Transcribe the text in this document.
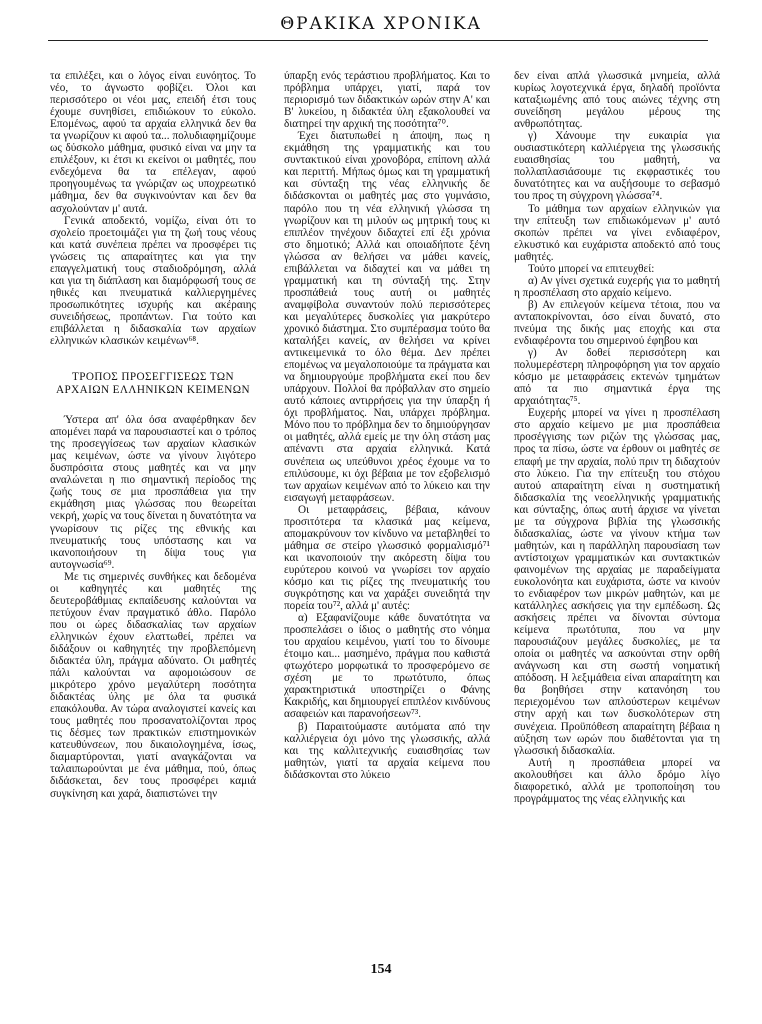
ΘΡΑΚΙΚΑ ΧΡΟΝΙΚΑ

τα επιλέξει, και ο λόγος είναι ευνόητος. Το νέο, το άγνωστο φοβίζει. Όλοι και περισσότερο οι νέοι μας, επειδή έτσι τους έχουμε συνηθίσει, επιδιώκουν το εύκολο. Επομένως, αφού τα αρχαία ελληνικά δεν θα τα γνωρίζουν κι αφού τα... πολυδιαφημίζουμε ως δύσκολο μάθημα, φυσικό είναι να μην τα επιλέξουν, κι έτσι κι εκείνοι οι μαθητές, που ενδεχόμενα θα τα επέλεγαν, αφού προηγουμένως τα γνώριζαν ως υποχρεωτικό μάθημα, δεν θα συγκινούνταν και δεν θα ασχολούνταν μ' αυτά.

Γενικά αποδεκτό, νομίζω, είναι ότι το σχολείο προετοιμάζει για τη ζωή τους νέους και κατά συνέπεια πρέπει να προσφέρει τις γνώσεις τις απαραίτητες και για την επαγγελματική τους σταδιοδρόμηση, αλλά και για τη διάπλαση και διαμόρφωσή τους σε ηθικές και πνευματικά καλλιεργημένες προσωπικότητες ισχυρής και ακέραιης συνειδήσεως, προπάντων. Για τούτο και επιβάλλεται η διδασκαλία των αρχαίων ελληνικών κλασικών κειμένων⁶⁸.

ΤΡΟΠΟΣ ΠΡΟΣΕΓΓΙΣΕΩΣ ΤΩΝ ΑΡΧΑΙΩΝ ΕΛΛΗΝΙΚΩΝ ΚΕΙΜΕΝΩΝ

Ύστερα απ' όλα όσα αναφέρθηκαν δεν απομένει παρά να παρουσιαστεί και ο τρόπος της προσεγγίσεως των αρχαίων κλασικών μας κειμένων, ώστε να γίνουν λιγότερο δυσπρόσιτα στους μαθητές και να μην αναλώνεται η πιο σημαντική περίοδος της ζωής τους σε μια προσπάθεια για την εκμάθηση μιας γλώσσας που θεωρείται νεκρή, χωρίς να τους δίνεται η δυνατότητα να γνωρίσουν τις ρίζες της εθνικής και πνευματικής τους υπόστασης και να ικανοποιήσουν τη δίψα τους για αυτογνωσία⁶⁹.

Με τις σημερινές συνθήκες και δεδομένα οι καθηγητές και μαθητές της δευτεροβάθμιας εκπαίδευσης καλούνται να πετύχουν έναν πραγματικό άθλο. Παρόλο που οι ώρες διδασκαλίας των αρχαίων ελληνικών έχουν ελαττωθεί, πρέπει να διδάξουν οι καθηγητές την προβλεπόμενη διδακτέα ύλη, πράγμα αδύνατο. Οι μαθητές πάλι καλούνται να αφομοιώσουν σε μικρότερο χρόνο μεγαλύτερη ποσότητα διδακτέας ύλης με όλα τα φυσικά επακόλουθα. Αν τώρα αναλογιστεί κανείς και τους μαθητές που προσανατολίζονται προς τις δέσμες των πρακτικών επιστημονικών κατευθύνσεων, που δικαιολογημένα, ίσως, διαμαρτύρονται, γιατί αναγκάζονται να ταλαιπωρούνται με ένα μάθημα, πού, όπως διδάσκεται, δεν τους προσφέρει καμιά συγκίνηση και χαρά, διαπιστώνει την

ύπαρξη ενός τεράστιου προβλήματος. Και το πρόβλημα υπάρχει, γιατί, παρά τον περιορισμό των διδακτικών ωρών στην Α' και Β' λυκείου, η διδακτέα ύλη εξακολουθεί να διατηρεί την αρχική της ποσότητα⁷⁰.

Έχει διατυπωθεί η άποψη, πως η εκμάθηση της γραμματικής και του συντακτικού είναι χρονοβόρα, επίπονη αλλά και περιττή. Μήπως όμως και τη γραμματική και σύνταξη της νέας ελληνικής δε διδάσκονται οι μαθητές μας στο γυμνάσιο, παρόλο που τη νέα ελληνική γλώσσα τη γνωρίζουν και τη μιλούν ως μητρική τους κι επιπλέον τηνέχουν διδαχτεί επί έξι χρόνια στο δημοτικό; Αλλά και οποιαδήποτε ξένη γλώσσα αν θελήσει να μάθει κανείς, επιβάλλεται να διδαχτεί και να μάθει τη γραμματική και τη σύνταξή της. Στην προσπάθειά τους αυτή οι μαθητές αναμφίβολα συναντούν πολύ περισσότερες και μεγαλύτερες δυσκολίες για μακρύτερο χρονικό διάστημα. Στο συμπέρασμα τούτο θα καταλήξει κανείς, αν θελήσει να κρίνει αντικειμενικά το όλο θέμα. Δεν πρέπει επομένως να μεγαλοποιούμε τα πράγματα και να δημιουργούμε προβλήματα εκεί που δεν υπάρχουν. Πολλοί θα πρόβαλλαν στο σημείο αυτό κάποιες αντιρρήσεις για την ύπαρξη ή όχι προβλήματος. Ναι, υπάρχει πρόβλημα. Μόνο που το πρόβλημα δεν το δημιούργησαν οι μαθητές, αλλά εμείς με την όλη στάση μας απέναντι στα αρχαία ελληνικά. Κατά συνέπεια ως υπεύθυνοι χρέος έχουμε να το επιλύσουμε, κι όχι βέβαια με τον εξοβελισμό των αρχαίων κειμένων από το λύκειο και την εισαγωγή μεταφράσεων.

Οι μεταφράσεις, βέβαια, κάνουν προσιτότερα τα κλασικά μας κείμενα, απομακρύνουν τον κίνδυνο να μεταβληθεί το μάθημα σε στείρο γλωσσικό φορμαλισμό⁷¹ και ικανοποιούν την ακόρεστη δίψα του ευρύτερου κοινού να γνωρίσει τον αρχαίο κόσμο και τις ρίζες της πνευματικής του συγκρότησης και να χαράξει συνειδητά την πορεία του⁷², αλλά μ' αυτές:

α) Εξαφανίζουμε κάθε δυνατότητα να προσπελάσει ο ίδιος ο μαθητής στο νόημα του αρχαίου κειμένου, γιατί του το δίνουμε έτοιμο και... μασημένο, πράγμα που καθιστά φτωχότερο μορφωτικά το προσφερόμενο σε σχέση με το πρωτότυπο, όπως χαρακτηριστικά υποστηρίζει ο Φάνης Κακριδής, και δημιουργεί επιπλέον κινδύνους ασαφειών και παρανοήσεων⁷³.

β) Παραιτούμαστε αυτόματα από την καλλιέργεια όχι μόνο της γλωσσικής, αλλά και της καλλιτεχνικής ευαισθησίας των μαθητών, γιατί τα αρχαία κείμενα που διδάσκονται στο λύκειο

δεν είναι απλά γλωσσικά μνημεία, αλλά κυρίως λογοτεχνικά έργα, δηλαδή προϊόντα καταξιωμένης από τους αιώνες τέχνης στη συνείδηση μεγάλου μέρους της ανθρωπότητας.

γ) Χάνουμε την ευκαιρία για ουσιαστικότερη καλλιέργεια της γλωσσικής ευαισθησίας του μαθητή, να πολλαπλασιάσουμε τις εκφραστικές του δυνατότητες και να αυξήσουμε το σεβασμό του προς τη σύγχρονη γλώσσα⁷⁴.

Το μάθημα των αρχαίων ελληνικών για την επίτευξη των επιδιωκόμενων μ' αυτό σκοπών πρέπει να γίνει ενδιαφέρον, ελκυστικό και ευχάριστα αποδεκτό από τους μαθητές.

Τούτο μπορεί να επιτευχθεί:

α) Αν γίνει σχετικά ευχερής για το μαθητή η προσπέλαση στο αρχαίο κείμενο.

β) Αν επιλεγούν κείμενα τέτοια, που να ανταποκρίνονται, όσο είναι δυνατό, στο πνεύμα της δικής μας εποχής και στα ενδιαφέροντα του σημερινού έφηβου και

γ) Αν δοθεί περισσότερη και πολυμερέστερη πληροφόρηση για τον αρχαίο κόσμο με μεταφράσεις εκτενών τμημάτων από τα πιο σημαντικά έργα της αρχαιότητας⁷⁵.

Ευχερής μπορεί να γίνει η προσπέλαση στο αρχαίο κείμενο με μια προσπάθεια προσέγγισης των ριζών της γλώσσας μας, προς τα πίσω, ώστε να έρθουν οι μαθητές σε επαφή με την αρχαία, πολύ πριν τη διδαχτούν στο λύκειο. Για την επίτευξη του στόχου αυτού απαραίτητη είναι η συστηματική διδασκαλία της νεοελληνικής γραμματικής και σύνταξης, όπως αυτή άρχισε να γίνεται με τα σύγχρονα βιβλία της γλωσσικής διδασκαλίας, ώστε να γίνουν κτήμα των μαθητών, και η παράλληλη παρουσίαση των αντίστοιχων γραμματικών και συντακτικών φαινομένων της αρχαίας με παραδείγματα ευκολονόητα και ευχάριστα, ώστε να κινούν το ενδιαφέρον των μικρών μαθητών, και με κατάλληλες ασκήσεις για την εμπέδωση. Ως ασκήσεις πρέπει να δίνονται σύντομα κείμενα πρωτότυπα, που να μην παρουσιάζουν μεγάλες δυσκολίες, με τα οποία οι μαθητές να ασκούνται στην ορθή ανάγνωση και στη σωστή νοηματική απόδοση. Η λεξιμάθεια είναι απαραίτητη και θα βοηθήσει στην κατανόηση του περιεχομένου των απλούστερων κειμένων στην αρχή και των δυσκολότερων στη συνέχεια. Προϋπόθεση απαραίτητη βέβαια η αύξηση των ωρών που διαθέτονται για τη γλωσσική διδασκαλία.

Αυτή η προσπάθεια μπορεί να ακολουθήσει και άλλο δρόμο λίγο διαφορετικό, αλλά με τροποποίηση του προγράμματος της νέας ελληνικής και

154
